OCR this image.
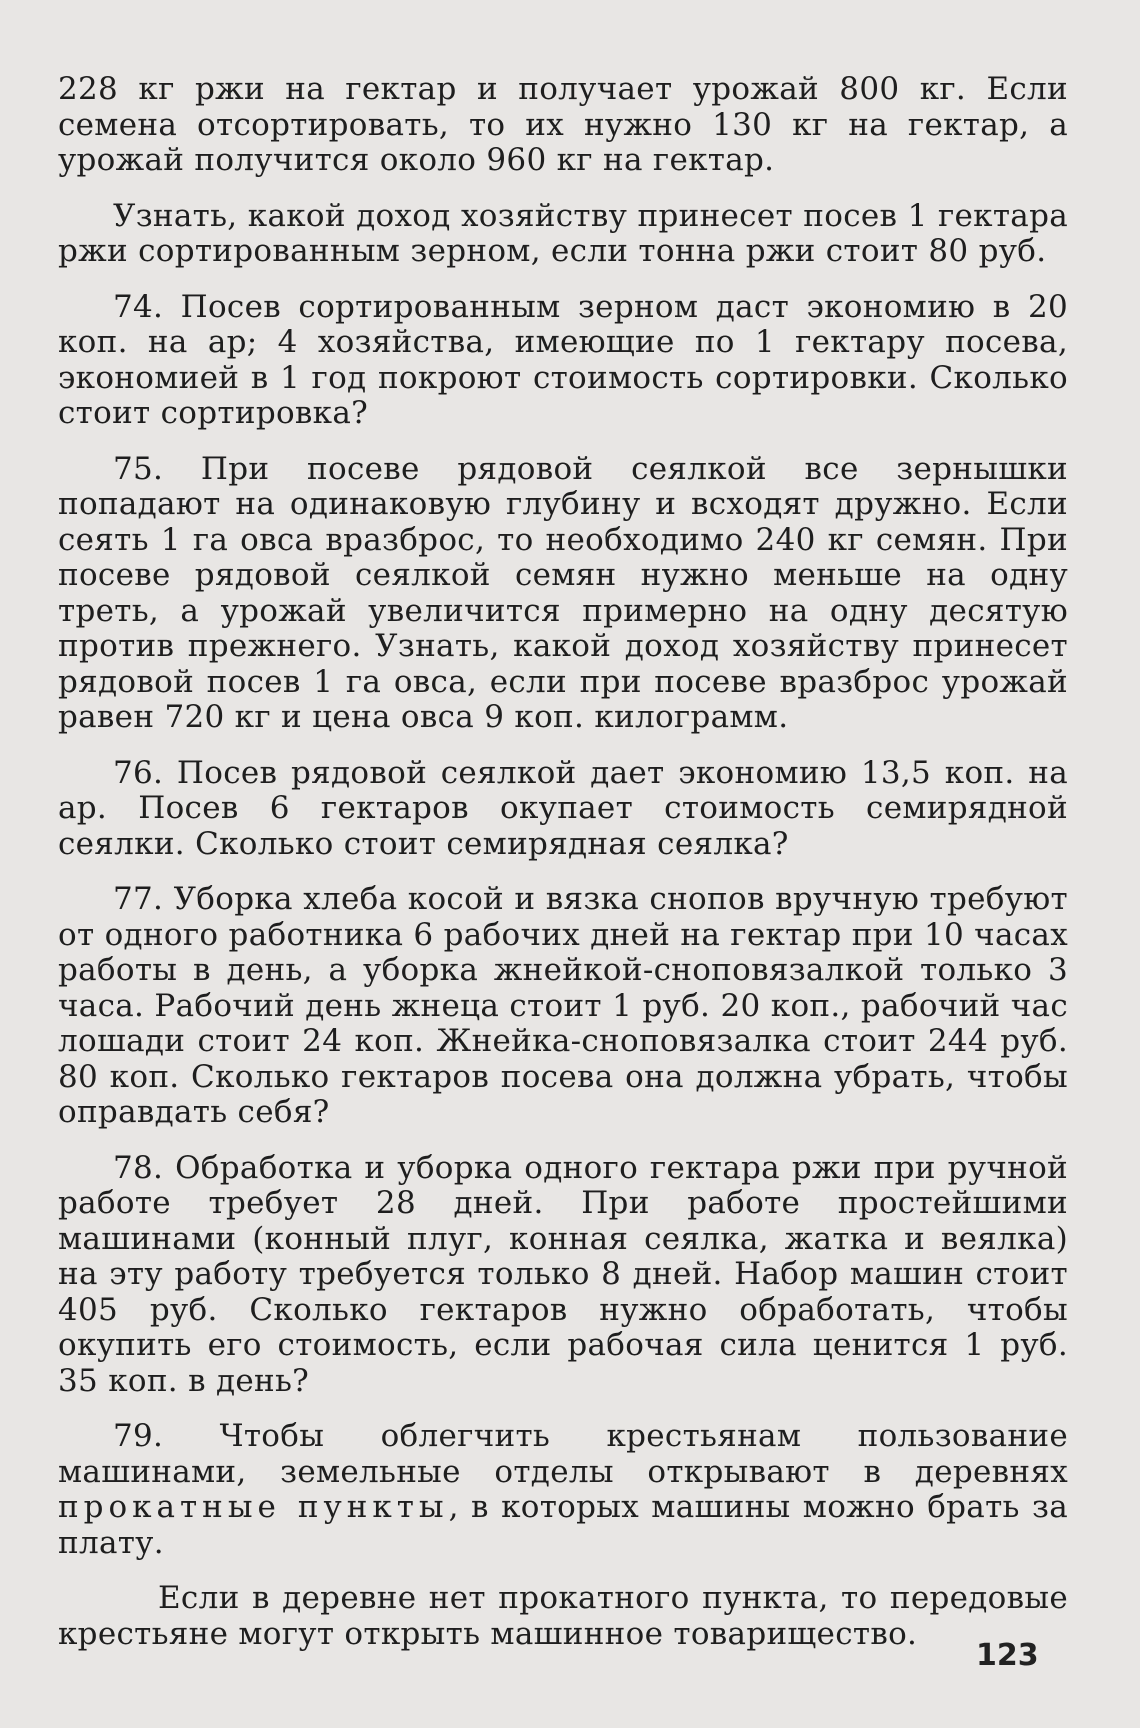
228 кг ржи на гектар и получает урожай 800 кг. Если семена отсортировать, то их нужно 130 кг на гектар, а урожай получится около 960 кг на гектар.

Узнать, какой доход хозяйству принесет посев 1 гектара ржи сортированным зерном, если тонна ржи стоит 80 руб.

74. Посев сортированным зерном даст экономию в 20 коп. на ар; 4 хозяйства, имеющие по 1 гектару посева, экономией в 1 год покроют стоимость сортировки. Сколько стоит сортировка?

75. При посеве рядовой сеялкой все зернышки попадают на одинаковую глубину и всходят дружно. Если сеять 1 га овса вразброс, то необходимо 240 кг семян. При посеве рядовой сеялкой семян нужно меньше на одну треть, а урожай увеличится примерно на одну десятую против прежнего. Узнать, какой доход хозяйству принесет рядовой посев 1 га овса, если при посеве вразброс урожай равен 720 кг и цена овса 9 коп. килограмм.

76. Посев рядовой сеялкой дает экономию 13,5 коп. на ар. Посев 6 гектаров окупает стоимость семирядной сеялки. Сколько стоит семирядная сеялка?

77. Уборка хлеба косой и вязка снопов вручную требуют от одного работника 6 рабочих дней на гектар при 10 часах работы в день, а уборка жнейкой-сноповязалкой только 3 часа. Рабочий день жнеца стоит 1 руб. 20 коп., рабочий час лошади стоит 24 коп. Жнейка-сноповязалка стоит 244 руб. 80 коп. Сколько гектаров посева она должна убрать, чтобы оправдать себя?

78. Обработка и уборка одного гектара ржи при ручной работе требует 28 дней. При работе простейшими машинами (конный плуг, конная сеялка, жатка и веялка) на эту работу требуется только 8 дней. Набор машин стоит 405 руб. Сколько гектаров нужно обработать, чтобы окупить его стоимость, если рабочая сила ценится 1 руб. 35 коп. в день?

79. Чтобы облегчить крестьянам пользование машинами, земельные отделы открывают в деревнях прокатные пункты, в которых машины можно брать за плату.

Если в деревне нет прокатного пункта, то передовые крестьяне могут открыть машинное товарищество.

123
